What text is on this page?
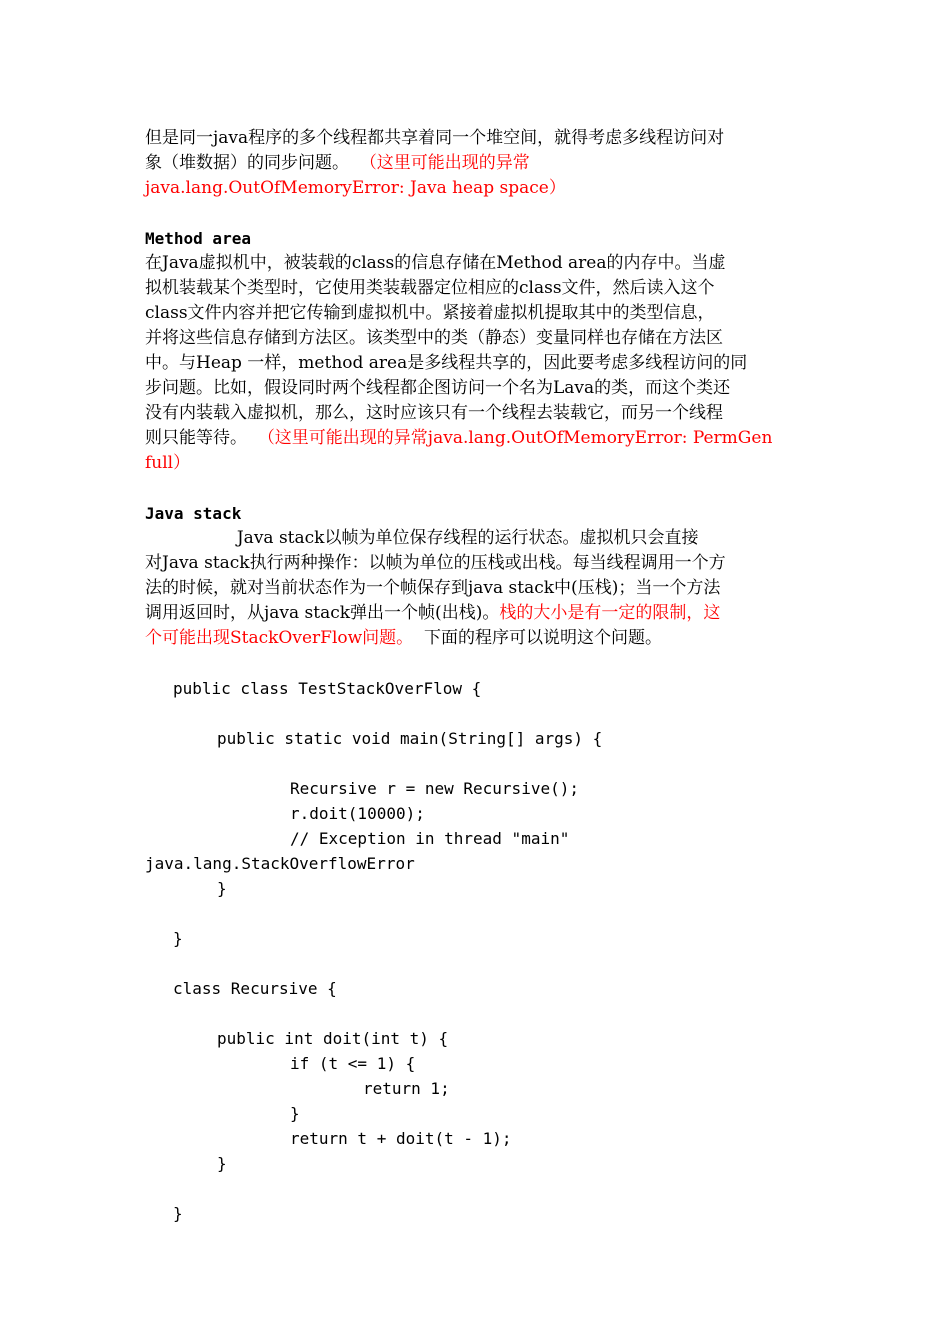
但是同一java程序的多个线程都共享着同一个堆空间，就得考虑多线程访问对
象（堆数据）的同步问题。  （这里可能出现的异常
java.lang.OutOfMemoryError: Java heap space）
Method area
在Java虚拟机中，被装载的class的信息存储在Method area的内存中。当虚
拟机装载某个类型时，它使用类装载器定位相应的class文件，然后读入这个
class文件内容并把它传输到虚拟机中。紧接着虚拟机提取其中的类型信息，
并将这些信息存储到方法区。该类型中的类（静态）变量同样也存储在方法区
中。与Heap 一样，method area是多线程共享的，因此要考虑多线程访问的同
步问题。比如，假设同时两个线程都企图访问一个名为Lava的类，而这个类还
没有内装载入虚拟机，那么，这时应该只有一个线程去装载它，而另一个线程
则只能等待。  （这里可能出现的异常java.lang.OutOfMemoryError: PermGen
full）
Java stack
Java stack以帧为单位保存线程的运行状态。虚拟机只会直接
对Java stack执行两种操作：以帧为单位的压栈或出栈。每当线程调用一个方
法的时候，就对当前状态作为一个帧保存到java stack中(压栈)；当一个方法
调用返回时，从java stack弹出一个帧(出栈)。栈的大小是有一定的限制，这
个可能出现StackOverFlow问题。  下面的程序可以说明这个问题。
public class TestStackOverFlow {
public static void main(String[] args) {
Recursive r = new Recursive();
r.doit(10000);
// Exception in thread "main"
java.lang.StackOverflowError
}
}
class Recursive {
public int doit(int t) {
if (t <= 1) {
return 1;
}
return t + doit(t - 1);
}
}
